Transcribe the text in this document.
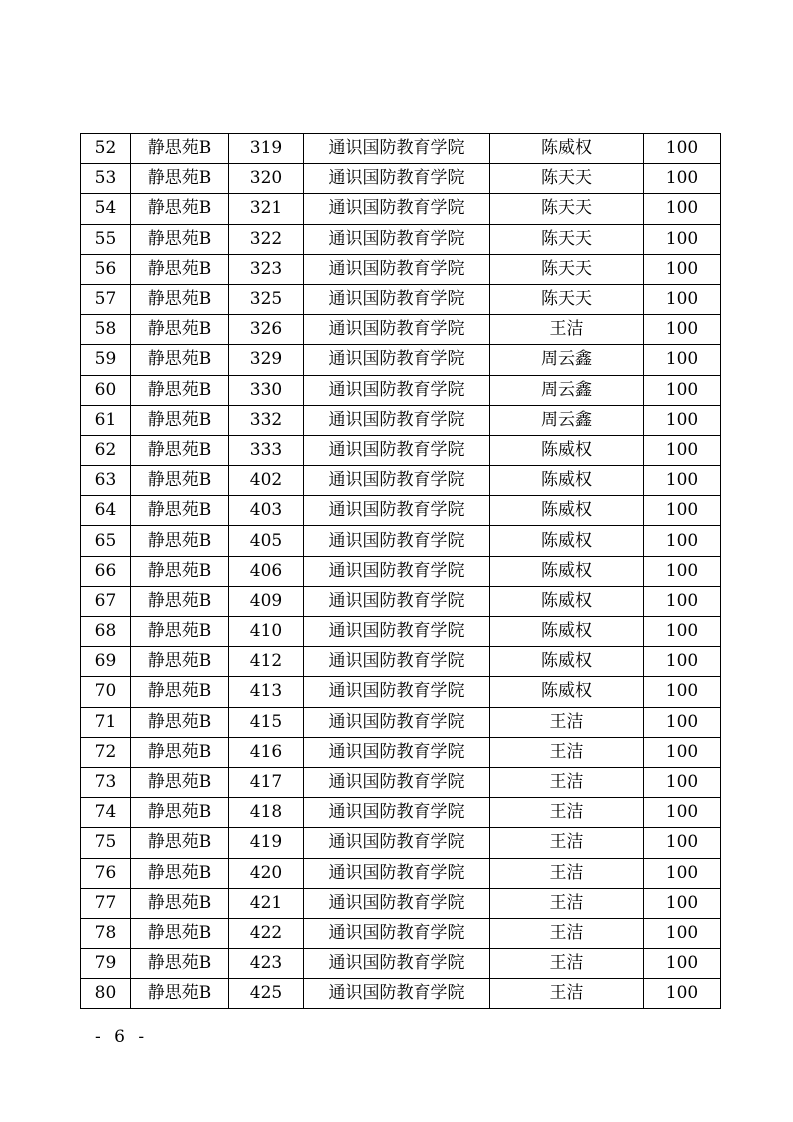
52	静思苑B	319	通识国防教育学院	陈威权	100
53	静思苑B	320	通识国防教育学院	陈天天	100
54	静思苑B	321	通识国防教育学院	陈天天	100
55	静思苑B	322	通识国防教育学院	陈天天	100
56	静思苑B	323	通识国防教育学院	陈天天	100
57	静思苑B	325	通识国防教育学院	陈天天	100
58	静思苑B	326	通识国防教育学院	王洁	100
59	静思苑B	329	通识国防教育学院	周云鑫	100
60	静思苑B	330	通识国防教育学院	周云鑫	100
61	静思苑B	332	通识国防教育学院	周云鑫	100
62	静思苑B	333	通识国防教育学院	陈威权	100
63	静思苑B	402	通识国防教育学院	陈威权	100
64	静思苑B	403	通识国防教育学院	陈威权	100
65	静思苑B	405	通识国防教育学院	陈威权	100
66	静思苑B	406	通识国防教育学院	陈威权	100
67	静思苑B	409	通识国防教育学院	陈威权	100
68	静思苑B	410	通识国防教育学院	陈威权	100
69	静思苑B	412	通识国防教育学院	陈威权	100
70	静思苑B	413	通识国防教育学院	陈威权	100
71	静思苑B	415	通识国防教育学院	王洁	100
72	静思苑B	416	通识国防教育学院	王洁	100
73	静思苑B	417	通识国防教育学院	王洁	100
74	静思苑B	418	通识国防教育学院	王洁	100
75	静思苑B	419	通识国防教育学院	王洁	100
76	静思苑B	420	通识国防教育学院	王洁	100
77	静思苑B	421	通识国防教育学院	王洁	100
78	静思苑B	422	通识国防教育学院	王洁	100
79	静思苑B	423	通识国防教育学院	王洁	100
80	静思苑B	425	通识国防教育学院	王洁	100
- 6 -
